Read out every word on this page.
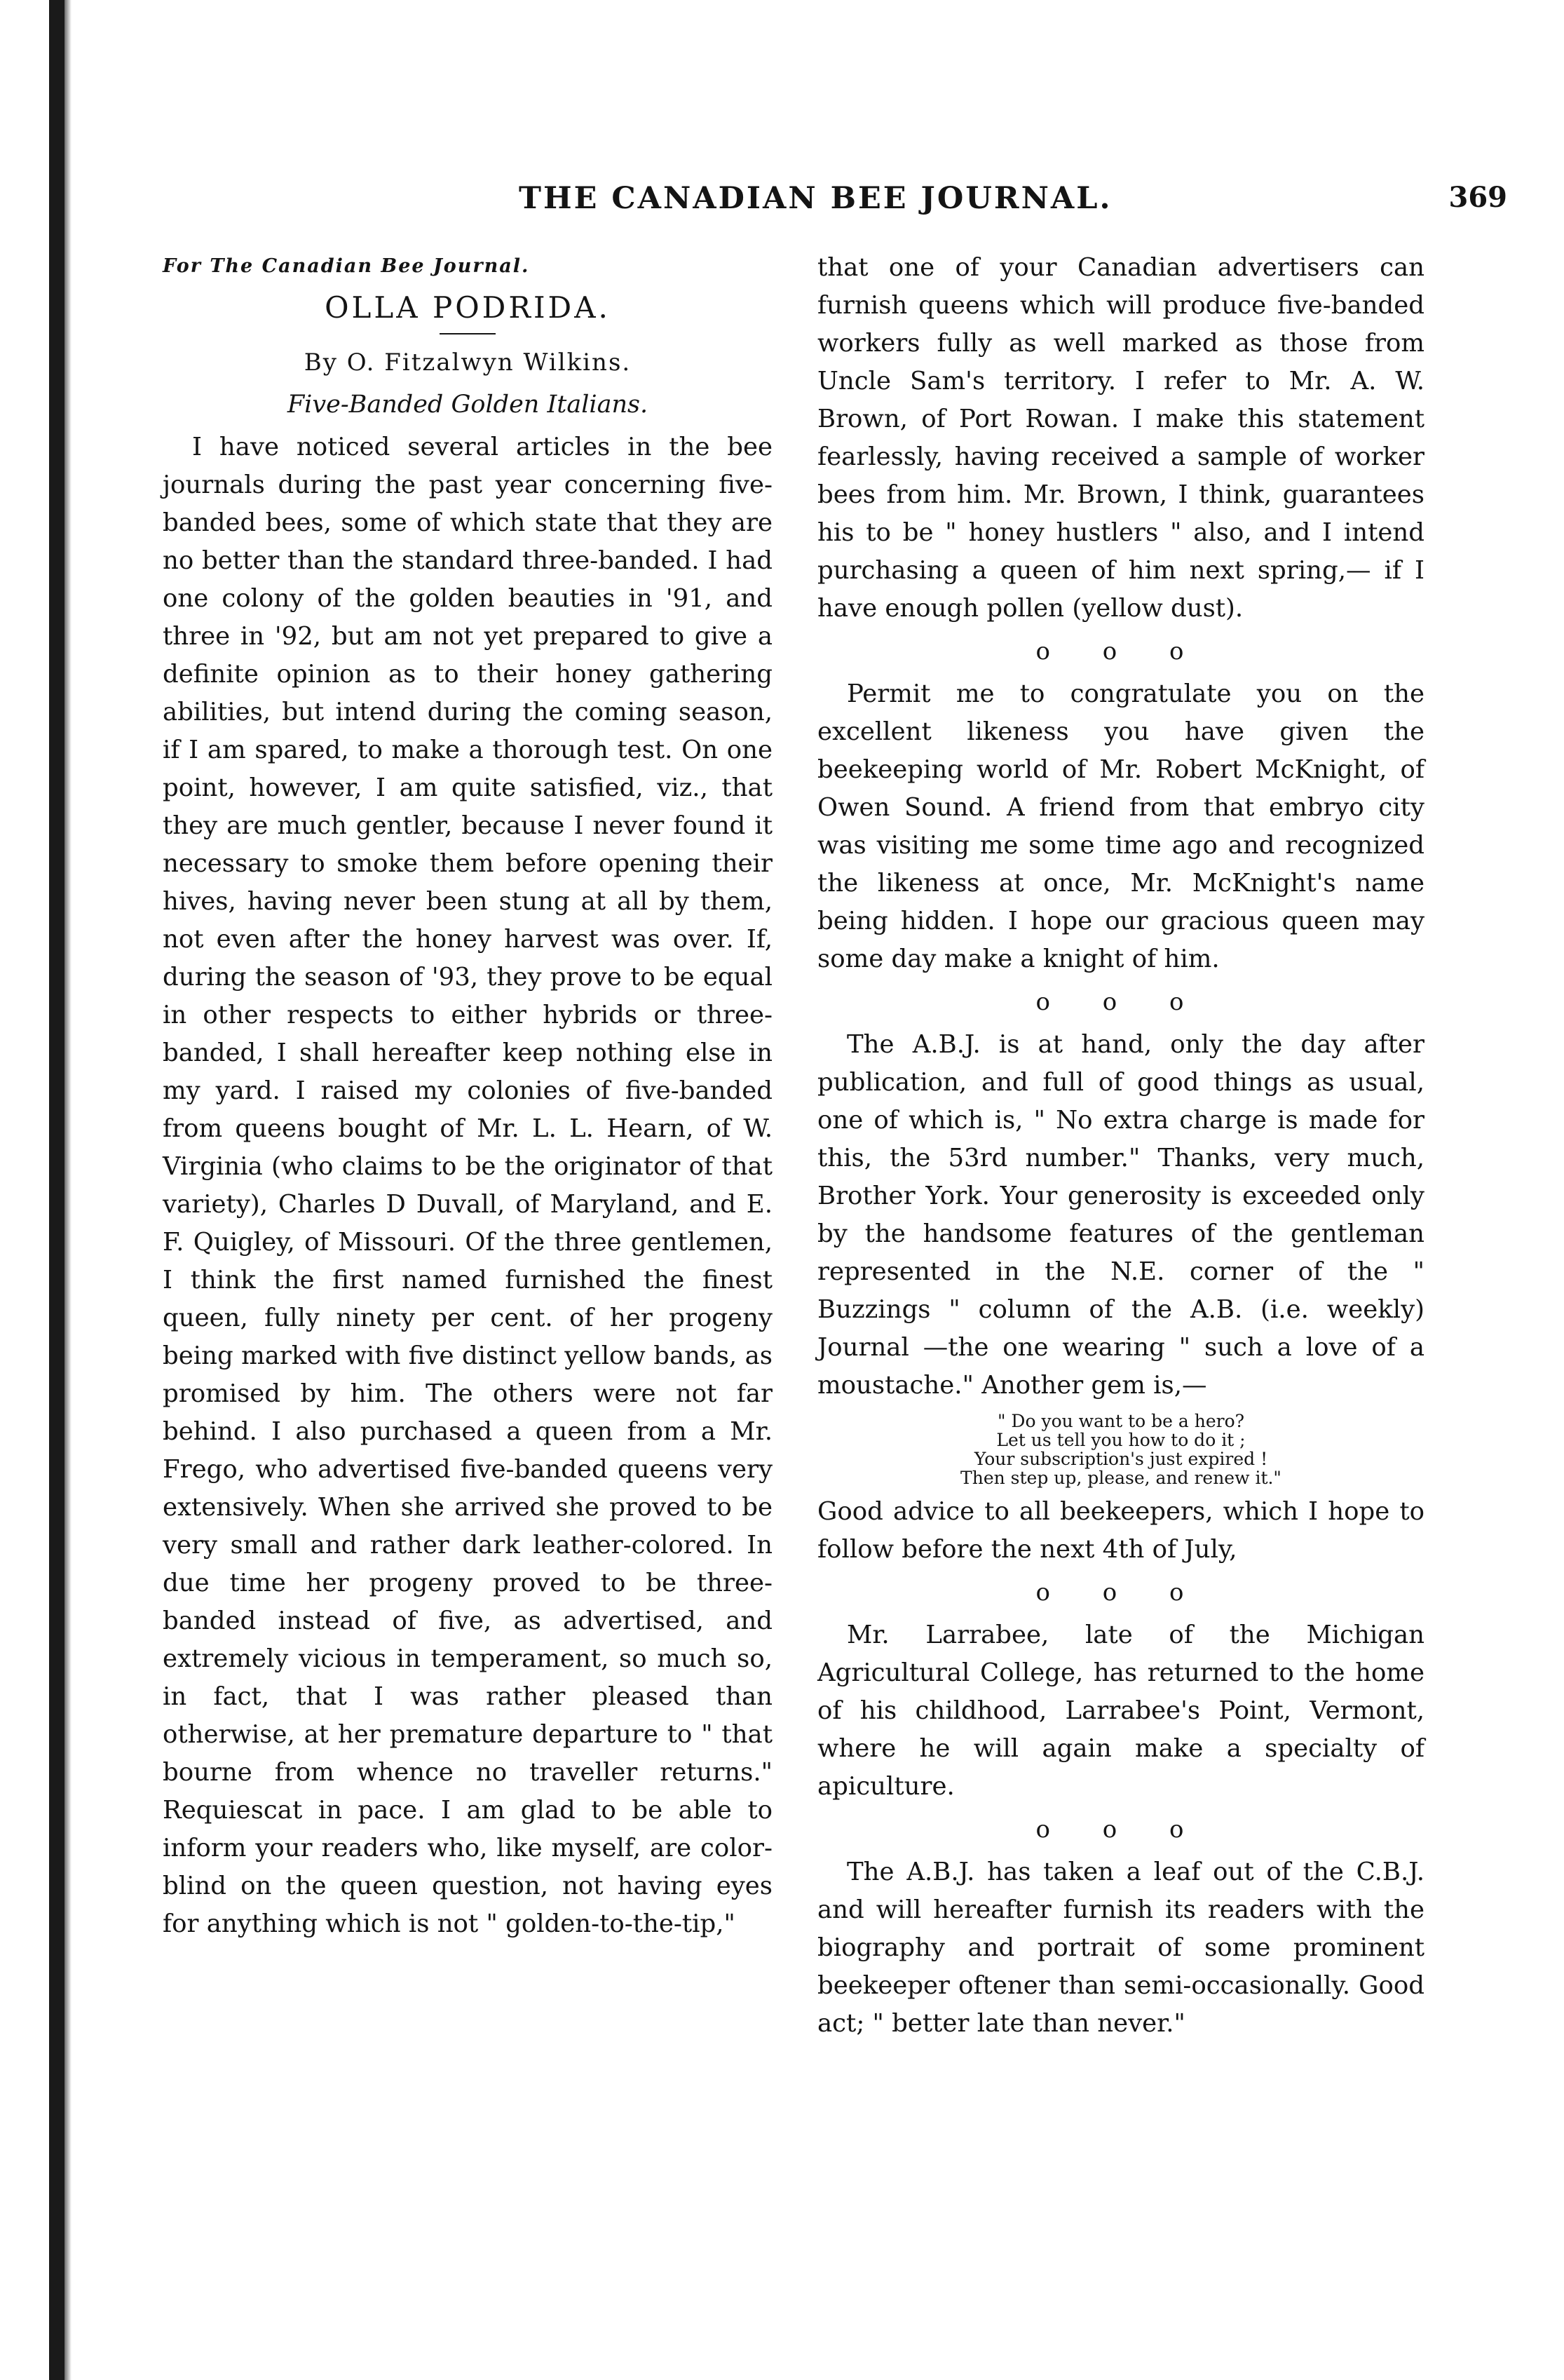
THE CANADIAN BEE JOURNAL.	369

For The Canadian Bee Journal.

OLLA PODRIDA.
By O. Fitzalwyn Wilkins.
Five-Banded Golden Italians.

I have noticed several articles in the bee journals during the past year concerning five-banded bees, some of which state that they are no better than the standard three-banded. I had one colony of the golden beauties in '91, and three in '92, but am not yet prepared to give a definite opinion as to their honey gathering abilities, but intend during the coming season, if I am spared, to make a thorough test. On one point, however, I am quite satisfied, viz., that they are much gentler, because I never found it necessary to smoke them before opening their hives, having never been stung at all by them, not even after the honey harvest was over. If, during the season of '93, they prove to be equal in other respects to either hybrids or three-banded, I shall hereafter keep nothing else in my yard. I raised my colonies of five-banded from queens bought of Mr. L. L. Hearn, of W. Virginia (who claims to be the originator of that variety), Charles D Duvall, of Maryland, and E. F. Quigley, of Missouri. Of the three gentlemen, I think the first named furnished the finest queen, fully ninety per cent. of her progeny being marked with five distinct yellow bands, as promised by him. The others were not far behind. I also purchased a queen from a Mr. Frego, who advertised five-banded queens very extensively. When she arrived she proved to be very small and rather dark leather-colored. In due time her progeny proved to be three-banded instead of five, as advertised, and extremely vicious in temperament, so much so, in fact, that I was rather pleased than otherwise, at her premature departure to " that bourne from whence no traveller returns." Requiescat in pace. I am glad to be able to inform your readers who, like myself, are color-blind on the queen question, not having eyes for anything which is not " golden-to-the-tip,"

that one of your Canadian advertisers can furnish queens which will produce five-banded workers fully as well marked as those from Uncle Sam's territory. I refer to Mr. A. W. Brown, of Port Rowan. I make this statement fearlessly, having received a sample of worker bees from him. Mr. Brown, I think, guarantees his to be " honey hustlers " also, and I intend purchasing a queen of him next spring,— if I have enough pollen (yellow dust).

o o o

Permit me to congratulate you on the excellent likeness you have given the beekeeping world of Mr. Robert McKnight, of Owen Sound. A friend from that embryo city was visiting me some time ago and recognized the likeness at once, Mr. McKnight's name being hidden. I hope our gracious queen may some day make a knight of him.

o o o

The A.B.J. is at hand, only the day after publication, and full of good things as usual, one of which is, " No extra charge is made for this, the 53rd number." Thanks, very much, Brother York. Your generosity is exceeded only by the handsome features of the gentleman represented in the N.E. corner of the " Buzzings " column of the A.B. (i.e. weekly) Journal —the one wearing " such a love of a moustache." Another gem is,—

" Do you want to be a hero?
Let us tell you how to do it ;
Your subscription's just expired !
Then step up, please, and renew it."

Good advice to all beekeepers, which I hope to follow before the next 4th of July,

o o o

Mr. Larrabee, late of the Michigan Agricultural College, has returned to the home of his childhood, Larrabee's Point, Vermont, where he will again make a specialty of apiculture.

o o o

The A.B.J. has taken a leaf out of the C.B.J. and will hereafter furnish its readers with the biography and portrait of some prominent beekeeper oftener than semi-occasionally. Good act; " better late than never."
